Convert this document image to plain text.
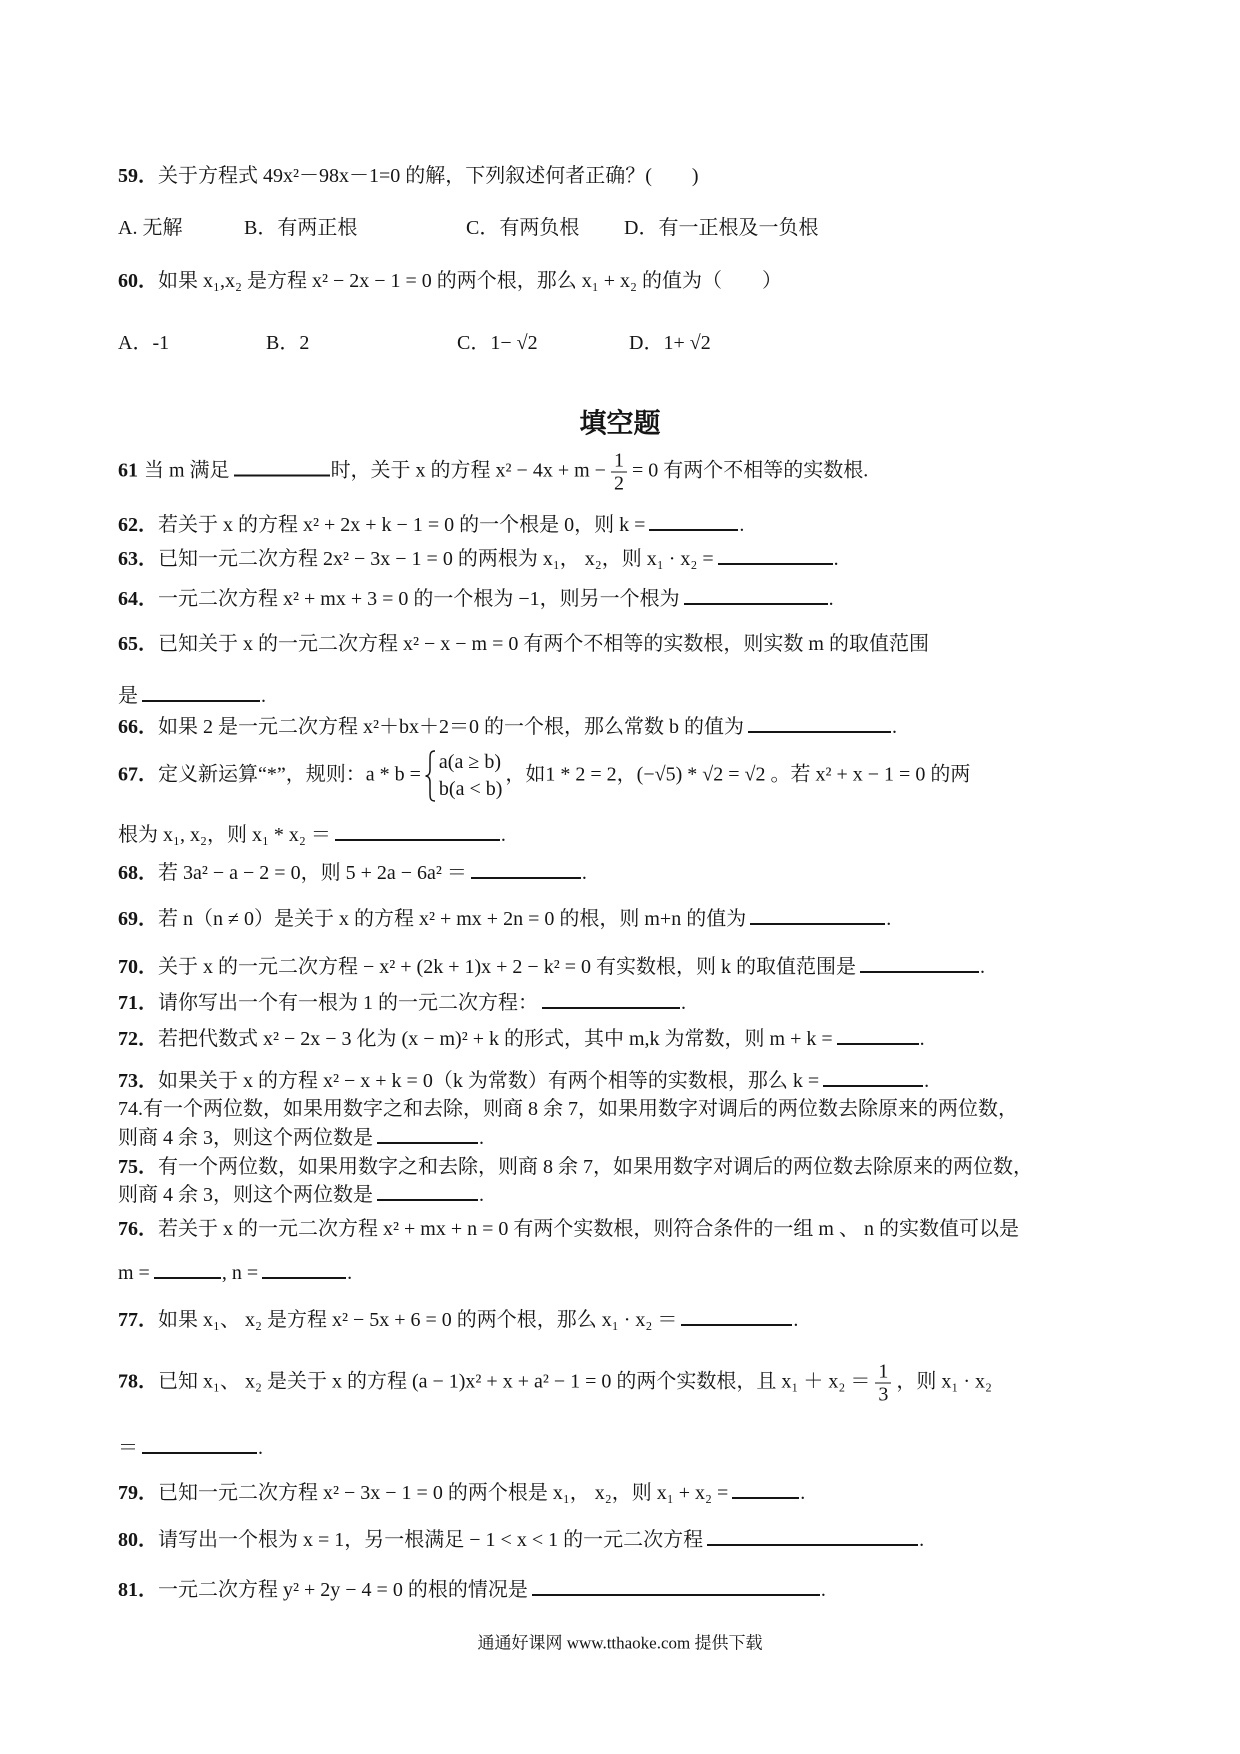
59．关于方程式 49x²－98x－1=0 的解，下列叙述何者正确？(　　)
A. 无解	B．有两正根	C．有两负根 D．有一正根及一负根
60．如果 x₁,x₂ 是方程 x² − 2x − 1 = 0 的两个根，那么 x₁ + x₂ 的值为（　　）
A．-1	B．2	C．1− √2	D．1+ √2
填空题
61 当 m 满足	时，关于 x 的方程 $x^2 - 4x + m - \frac{1}{2} = 0$ 有两个不相等的实数根.
62．若关于 x 的方程 x² + 2x + k − 1 = 0 的一个根是 0，则 k =	.
63．已知一元二次方程 2x² − 3x − 1 = 0 的两根为 x₁， x₂，则 x₁ · x₂ =	.
64．一元二次方程 x² + mx + 3 = 0 的一个根为 −1，则另一个根为	.
65．已知关于 x 的一元二次方程 x² − x − m = 0 有两个不相等的实数根，则实数 m 的取值范围
是	.
66．如果 2 是一元二次方程 x²＋bx＋2＝0 的一个根，那么常数 b 的值为	.
67．定义新运算“*”，规则：a * b =
a(a ≥ b)
b(a < b)
，如1 * 2 = 2，(−√5) * √2 = √2 。若 x² + x − 1 = 0 的两
根为 x₁, x₂，则 x₁ * x₂ ＝	.
68．若 3a² − a − 2 = 0，则 5 + 2a − 6a² ＝	.
69．若 n（n ≠ 0）是关于 x 的方程 x² + mx + 2n = 0 的根，则 m+n 的值为	.
70．关于 x 的一元二次方程 − x² + (2k + 1)x + 2 − k² = 0 有实数根，则 k 的取值范围是	.
71．请你写出一个有一根为 1 的一元二次方程：	.
72．若把代数式 x² − 2x − 3 化为 (x − m)² + k 的形式，其中 m,k 为常数，则 m + k =	.
73．如果关于 x 的方程 x² − x + k = 0（k 为常数）有两个相等的实数根，那么 k =	.
74.有一个两位数，如果用数字之和去除，则商 8 余 7，如果用数字对调后的两位数去除原来的两位数，
则商 4 余 3，则这个两位数是	.
75．有一个两位数，如果用数字之和去除，则商 8 余 7，如果用数字对调后的两位数去除原来的两位数，
则商 4 余 3，则这个两位数是	.
76．若关于 x 的一元二次方程 x² + mx + n = 0 有两个实数根，则符合条件的一组 m 、 n 的实数值可以是
m =	, n =	.
77．如果 x₁、 x₂ 是方程 x² − 5x + 6 = 0 的两个根，那么 x₁ · x₂ ＝	.
78．已知 x₁、 x₂ 是关于 x 的方程 (a − 1)x² + x + a² − 1 = 0 的两个实数根，且 $x_1 + x_2 = \frac{1}{3}$ ，则 x₁ · x₂
＝	.
79．已知一元二次方程 x² − 3x − 1 = 0 的两个根是 x₁， x₂，则 x₁ + x₂ =	.
80．请写出一个根为 x = 1，另一根满足 − 1 < x < 1 的一元二次方程	.
81．一元二次方程 y² + 2y − 4 = 0 的根的情况是	.
通通好课网 www.tthaoke.com 提供下载
